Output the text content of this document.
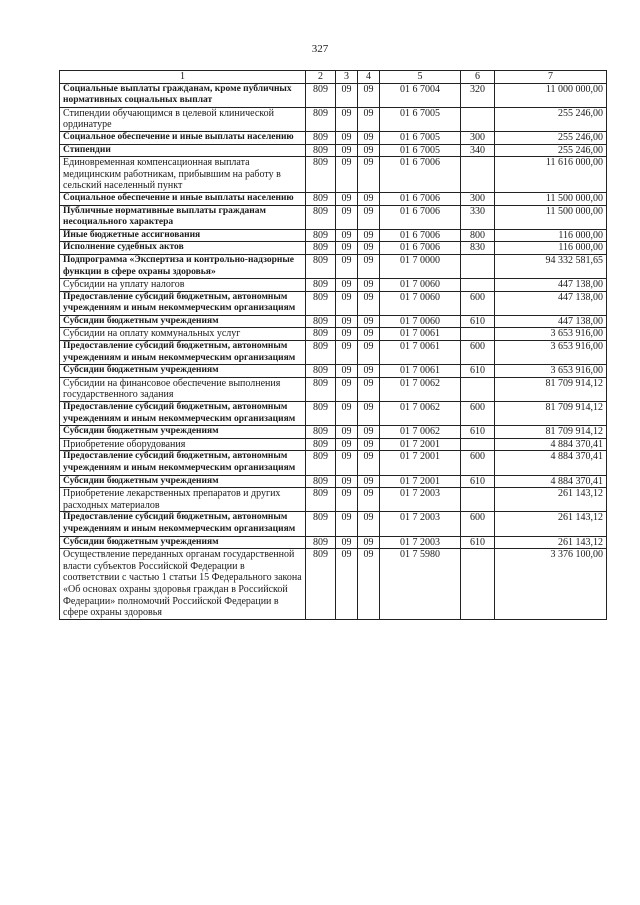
327
1	2	3	4	5	6	7
Социальные выплаты гражданам, кроме публичных нормативных социальных выплат	809	09	09	01 6 7004	320	11 000 000,00
Стипендии обучающимся в целевой клинической ординатуре	809	09	09	01 6 7005		255 246,00
Социальное обеспечение и иные выплаты населению	809	09	09	01 6 7005	300	255 246,00
Стипендии	809	09	09	01 6 7005	340	255 246,00
Единовременная компенсационная выплата медицинским работникам, прибывшим на работу в сельский населенный пункт	809	09	09	01 6 7006		11 616 000,00
Социальное обеспечение и иные выплаты населению	809	09	09	01 6 7006	300	11 500 000,00
Публичные нормативные выплаты гражданам несоциального характера	809	09	09	01 6 7006	330	11 500 000,00
Иные бюджетные ассигнования	809	09	09	01 6 7006	800	116 000,00
Исполнение судебных актов	809	09	09	01 6 7006	830	116 000,00
Подпрограмма «Экспертиза и контрольно-надзорные функции в сфере охраны здоровья»	809	09	09	01 7 0000		94 332 581,65
Субсидии на уплату налогов	809	09	09	01 7 0060		447 138,00
Предоставление субсидий бюджетным, автономным учреждениям и иным некоммерческим организациям	809	09	09	01 7 0060	600	447 138,00
Субсидии бюджетным учреждениям	809	09	09	01 7 0060	610	447 138,00
Субсидии на оплату коммунальных услуг	809	09	09	01 7 0061		3 653 916,00
Предоставление субсидий бюджетным, автономным учреждениям и иным некоммерческим организациям	809	09	09	01 7 0061	600	3 653 916,00
Субсидии бюджетным учреждениям	809	09	09	01 7 0061	610	3 653 916,00
Субсидии на финансовое обеспечение выполнения государственного задания	809	09	09	01 7 0062		81 709 914,12
Предоставление субсидий бюджетным, автономным учреждениям и иным некоммерческим организациям	809	09	09	01 7 0062	600	81 709 914,12
Субсидии бюджетным учреждениям	809	09	09	01 7 0062	610	81 709 914,12
Приобретение оборудования	809	09	09	01 7 2001		4 884 370,41
Предоставление субсидий бюджетным, автономным учреждениям и иным некоммерческим организациям	809	09	09	01 7 2001	600	4 884 370,41
Субсидии бюджетным учреждениям	809	09	09	01 7 2001	610	4 884 370,41
Приобретение лекарственных препаратов и других расходных материалов	809	09	09	01 7 2003		261 143,12
Предоставление субсидий бюджетным, автономным учреждениям и иным некоммерческим организациям	809	09	09	01 7 2003	600	261 143,12
Субсидии бюджетным учреждениям	809	09	09	01 7 2003	610	261 143,12
Осуществление переданных органам государственной власти субъектов Российской Федерации в соответствии с частью 1 статьи 15 Федерального закона «Об основах охраны здоровья граждан в Российской Федерации» полномочий Российской Федерации в сфере охраны здоровья	809	09	09	01 7 5980		3 376 100,00
